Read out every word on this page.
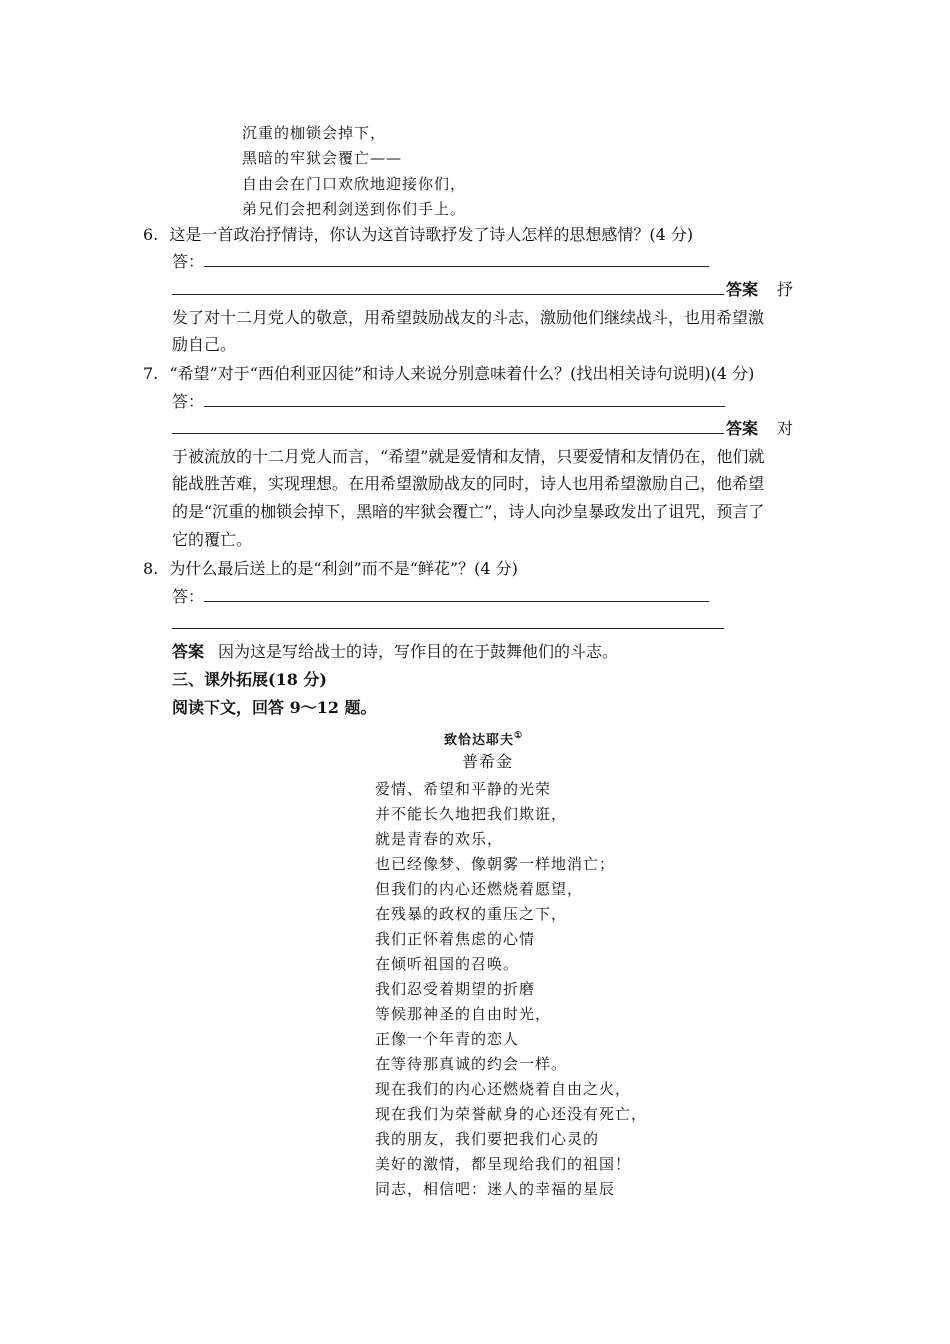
沉重的枷锁会掉下，
黑暗的牢狱会覆亡——
自由会在门口欢欣地迎接你们，
弟兄们会把利剑送到你们手上。
6. 这是一首政治抒情诗，你认为这首诗歌抒发了诗人怎样的思想感情？(4 分)
答：
答案 抒
发了对十二月党人的敬意，用希望鼓励战友的斗志，激励他们继续战斗，也用希望激
励自己。
7. “希望”对于“西伯利亚囚徒”和诗人来说分别意味着什么？(找出相关诗句说明)(4 分)
答：
答案 对
于被流放的十二月党人而言，“希望”就是爱情和友情，只要爱情和友情仍在，他们就
能战胜苦难，实现理想。在用希望激励战友的同时，诗人也用希望激励自己，他希望
的是“沉重的枷锁会掉下，黑暗的牢狱会覆亡”，诗人向沙皇暴政发出了诅咒，预言了
它的覆亡。
8. 为什么最后送上的是“利剑”而不是“鲜花”？(4 分)
答：
答案 因为这是写给战士的诗，写作目的在于鼓舞他们的斗志。
三、课外拓展(18 分)
阅读下文，回答 9～12 题。
致恰达耶夫①
普希金
爱情、希望和平静的光荣
并不能长久地把我们欺诳，
就是青春的欢乐，
也已经像梦、像朝雾一样地消亡；
但我们的内心还燃烧着愿望，
在残暴的政权的重压之下，
我们正怀着焦虑的心情
在倾听祖国的召唤。
我们忍受着期望的折磨
等候那神圣的自由时光，
正像一个年青的恋人
在等待那真诚的约会一样。
现在我们的内心还燃烧着自由之火，
现在我们为荣誉献身的心还没有死亡，
我的朋友，我们要把我们心灵的
美好的激情，都呈现给我们的祖国！
同志，相信吧：迷人的幸福的星辰
